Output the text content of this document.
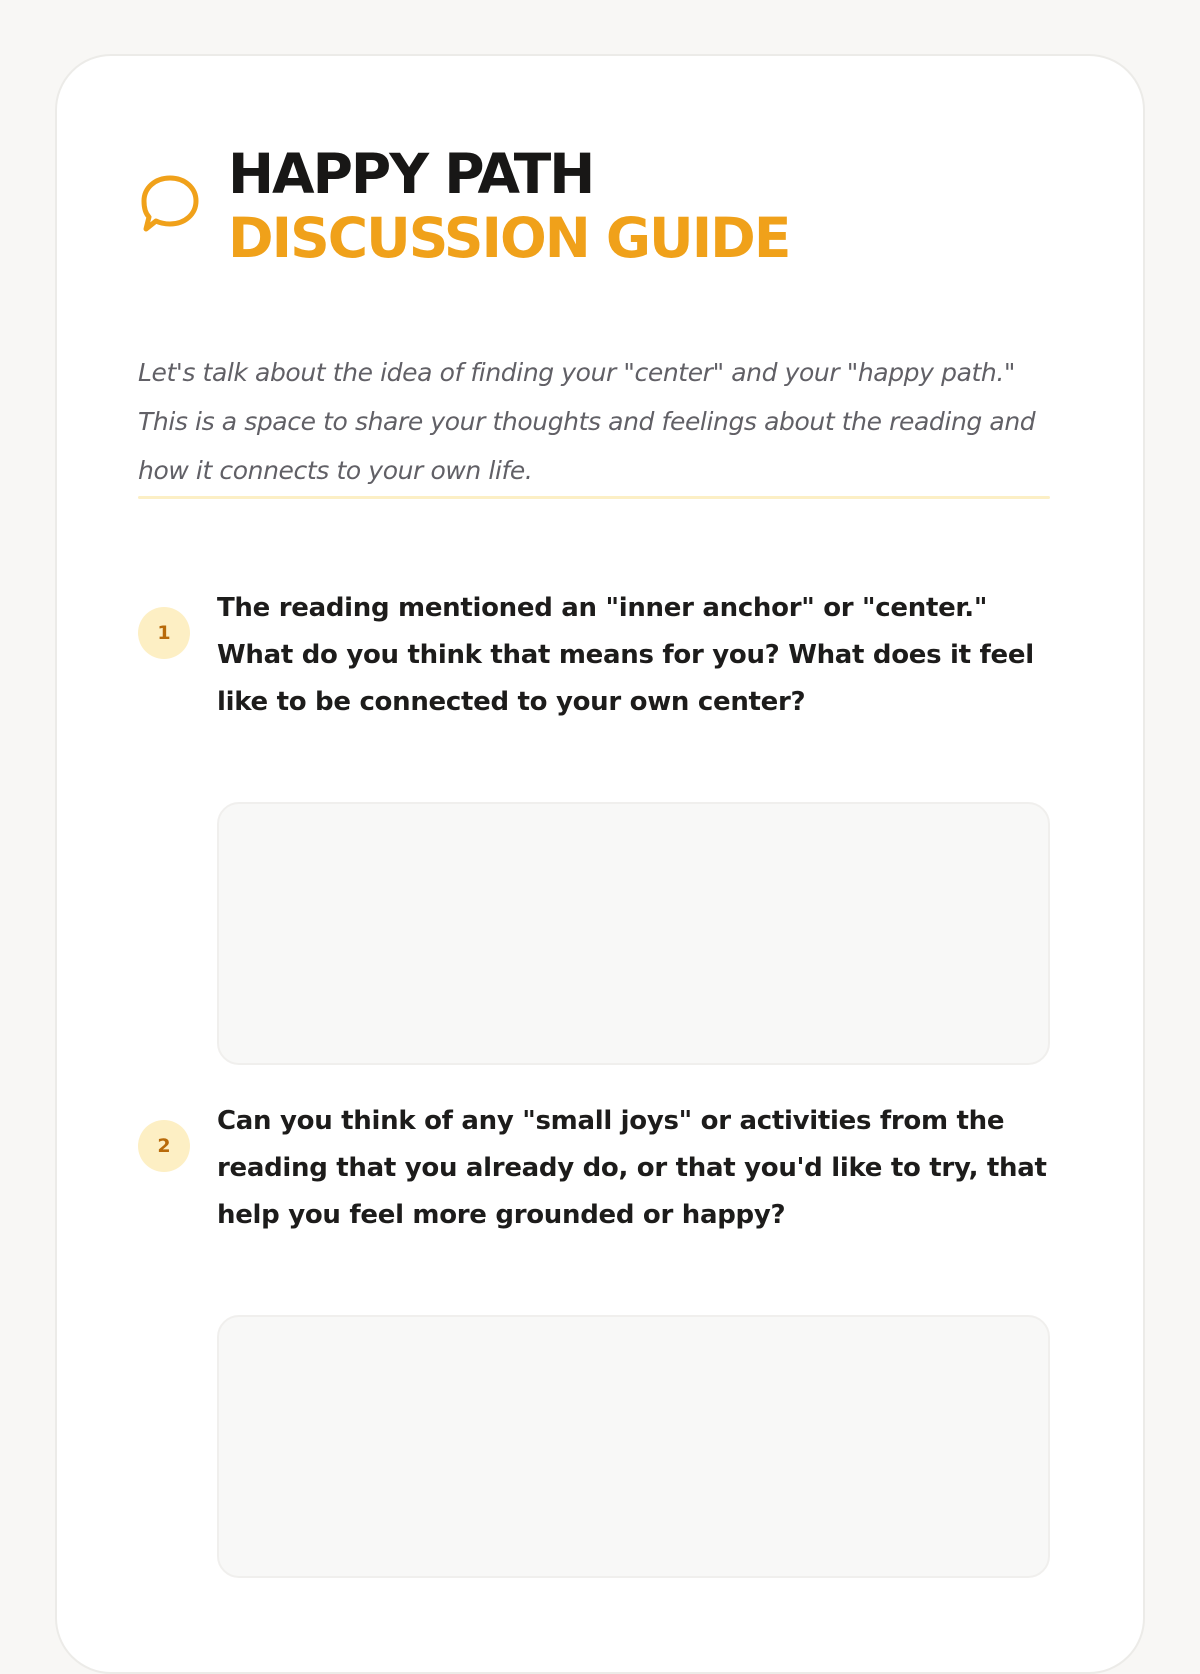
HAPPY PATH
DISCUSSION GUIDE
Let's talk about the idea of finding your "center" and your "happy path." This is a space to share your thoughts and feelings about the reading and how it connects to your own life.
1
The reading mentioned an "inner anchor" or "center." What do you think that means for you? What does it feel like to be connected to your own center?
2
Can you think of any "small joys" or activities from the reading that you already do, or that you'd like to try, that help you feel more grounded or happy?
